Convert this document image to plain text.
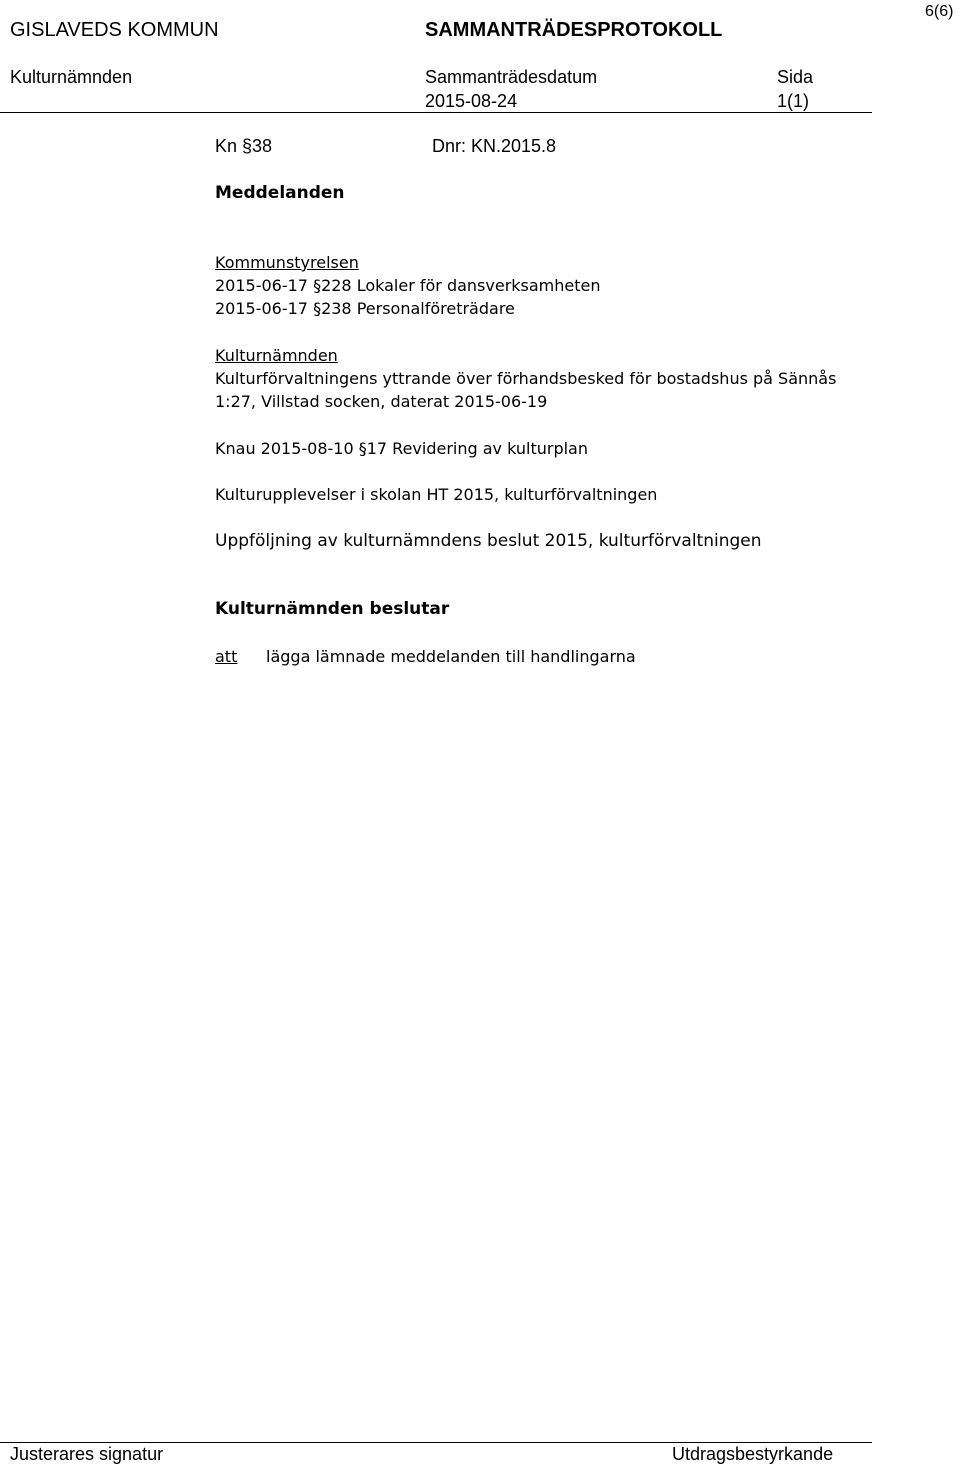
6(6)
GISLAVEDS KOMMUN	SAMMANTRÄDESPROTOKOLL
Kulturnämnden	Sammanträdesdatum	Sida
2015-08-24	1(1)
Kn §38	Dnr: KN.2015.8
Meddelanden
Kommunstyrelsen
2015-06-17 §228 Lokaler för dansverksamheten
2015-06-17 §238 Personalföreträdare
Kulturnämnden
Kulturförvaltningens yttrande över förhandsbesked för bostadshus på Sännås
1:27, Villstad socken, daterat 2015-06-19
Knau 2015-08-10 §17 Revidering av kulturplan
Kulturupplevelser i skolan HT 2015, kulturförvaltningen
Uppföljning av kulturnämndens beslut 2015, kulturförvaltningen
Kulturnämnden beslutar
att lägga lämnade meddelanden till handlingarna
Justerares signatur	Utdragsbestyrkande
